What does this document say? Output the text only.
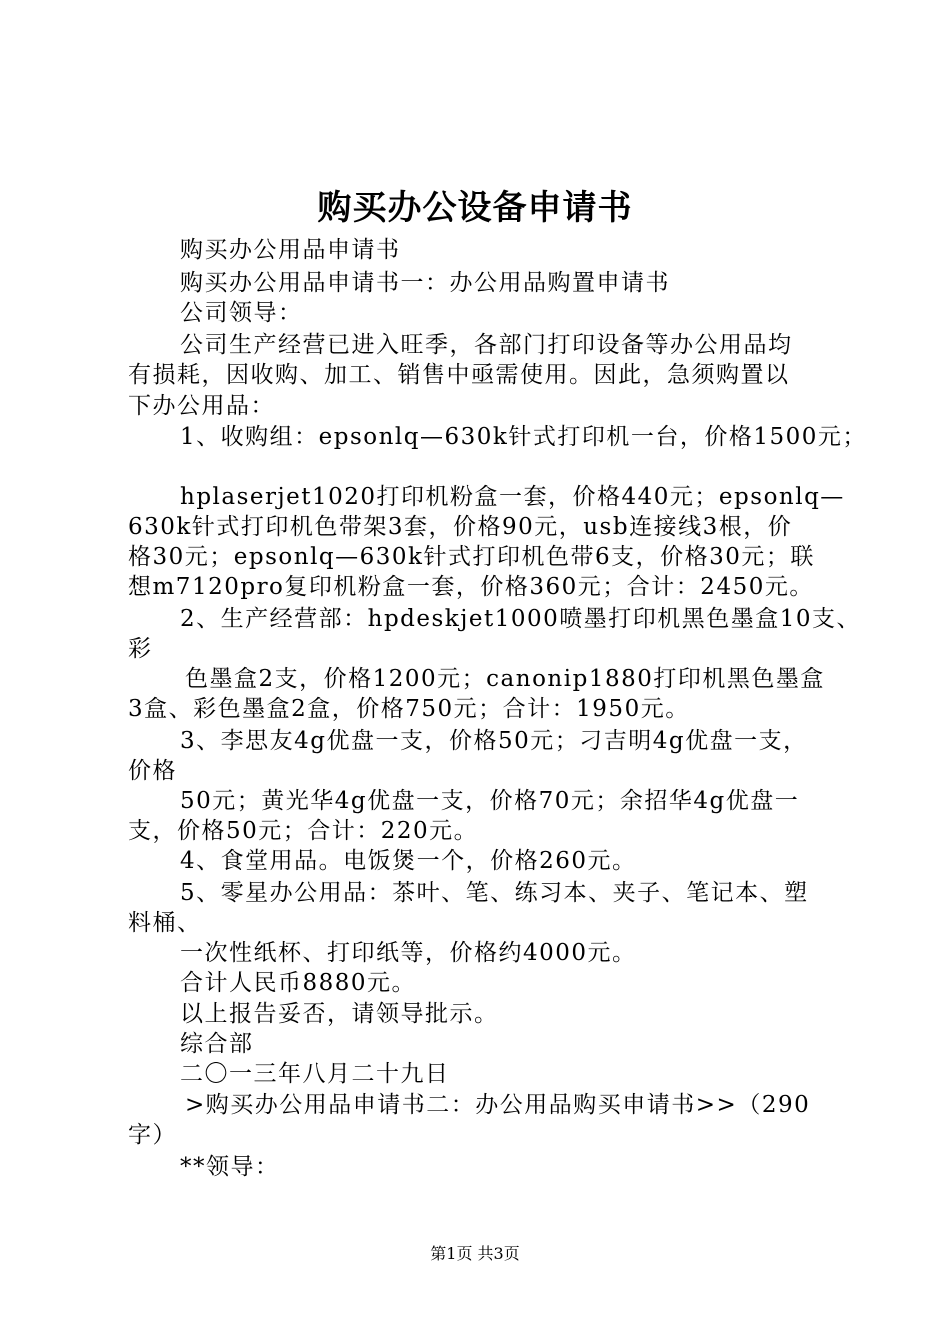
购买办公设备申请书
购买办公用品申请书
购买办公用品申请书一：办公用品购置申请书
公司领导：
公司生产经营已进入旺季，各部门打印设备等办公用品均
有损耗，因收购、加工、销售中亟需使用。因此，急须购置以
下办公用品：
1、收购组：epsonlq—630k针式打印机一台，价格1500元；
hplaserjet1020打印机粉盒一套，价格440元；epsonlq—
630k针式打印机色带架3套，价格90元，usb连接线3根，价
格30元；epsonlq—630k针式打印机色带6支，价格30元；联
想m7120pro复印机粉盒一套，价格360元；合计：2450元。
2、生产经营部：hpdeskjet1000喷墨打印机黑色墨盒10支、
彩
色墨盒2支，价格1200元；canonip1880打印机黑色墨盒
3盒、彩色墨盒2盒，价格750元；合计：1950元。
3、李思友4g优盘一支，价格50元；刁吉明4g优盘一支，
价格
50元；黄光华4g优盘一支，价格70元；余招华4g优盘一
支，价格50元；合计：220元。
4、食堂用品。电饭煲一个，价格260元。
5、零星办公用品：茶叶、笔、练习本、夹子、笔记本、塑
料桶、
一次性纸杯、打印纸等，价格约4000元。
合计人民币8880元。
以上报告妥否，请领导批示。
综合部
二〇一三年八月二十九日
>购买办公用品申请书二：办公用品购买申请书>>（290
字）
**领导：
第1页 共3页
